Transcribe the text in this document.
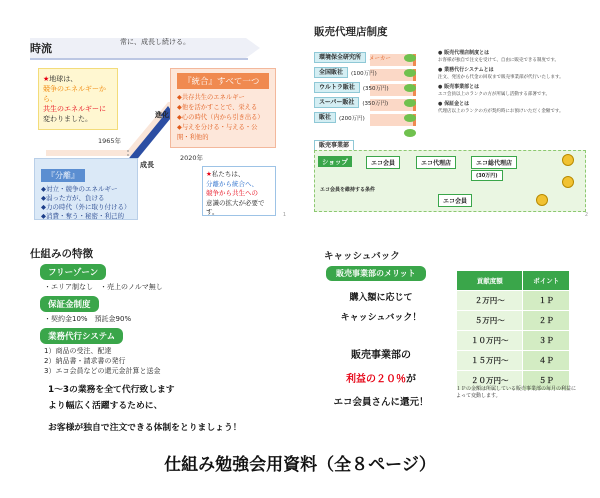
時流	常に、成長し続ける。
★地球は、
競争のエネルギーから、
共生のエネルギーに
変わりました。
1965年
2020年
『分離』
◆対立・競争のエネルギー
◆弱った方が、負ける
◆力の時代（外に取り付ける）
◆消費・奪う・秘密・利己的
成長
進化
『統合』すべて一つ
◆共存共生のエネルギー
◆他を活かすことで、栄える
◆心の時代（内から引き出る）
◆与えを分ける・与える・公開・利他的
★私たちは、
分離から統合へ、
競争から共生への
意識の拡大が必要です。	1
販売代理店制度
環境保全研究所	メーカー
全国販社	(100万円)
ウルトラ販社	(350万円)
スーパー販社	(350万円)
販社	(200万円)
販売事業部
ショップ	エコ会員	エコ代理店	エコ総代理店
(30万円)
エコ会員
エコ会員を維持する条件
● 販売代理店制度とは
お客様が独自で注文を受けて、自由に販売できる制度です。
● 業務代行システムとは
注文、発送から代金の回収まで販売事業部が代行いたします。
● 販売事業部とは
エコ会員以上のランクの方が所属し活動する部署です。
● 保証金とは
代理店以上のランクの方が契約時にお預けいただく金額です。
2
仕組みの特徴
フリーゾーン
・エリア制なし　・売上のノルマ無し
保証金制度
・契約金10%　預託金90%
業務代行システム
1）商品の受注、配達
2）納品書・請求書の発行
3）エコ会員などの還元金計算と送金
1～3の業務を全て代行致します
より幅広く活躍するために、
お客様が独自で注文できる体制をとりましょう！
キャッシュバック
販売事業部のメリット
購入額に応じて
キャッシュバック！
販売事業部の
利益の２０％が
エコ会員さんに還元！
貢献度額	ポイント
２万円～	１Ｐ
５万円～	２Ｐ
１０万円～	３Ｐ
１５万円～	４Ｐ
２０万円～	５Ｐ
１Ｐの金額は所属している販売事業部の毎月の利益によって変動します。
仕組み勉強会用資料（全８ページ）
